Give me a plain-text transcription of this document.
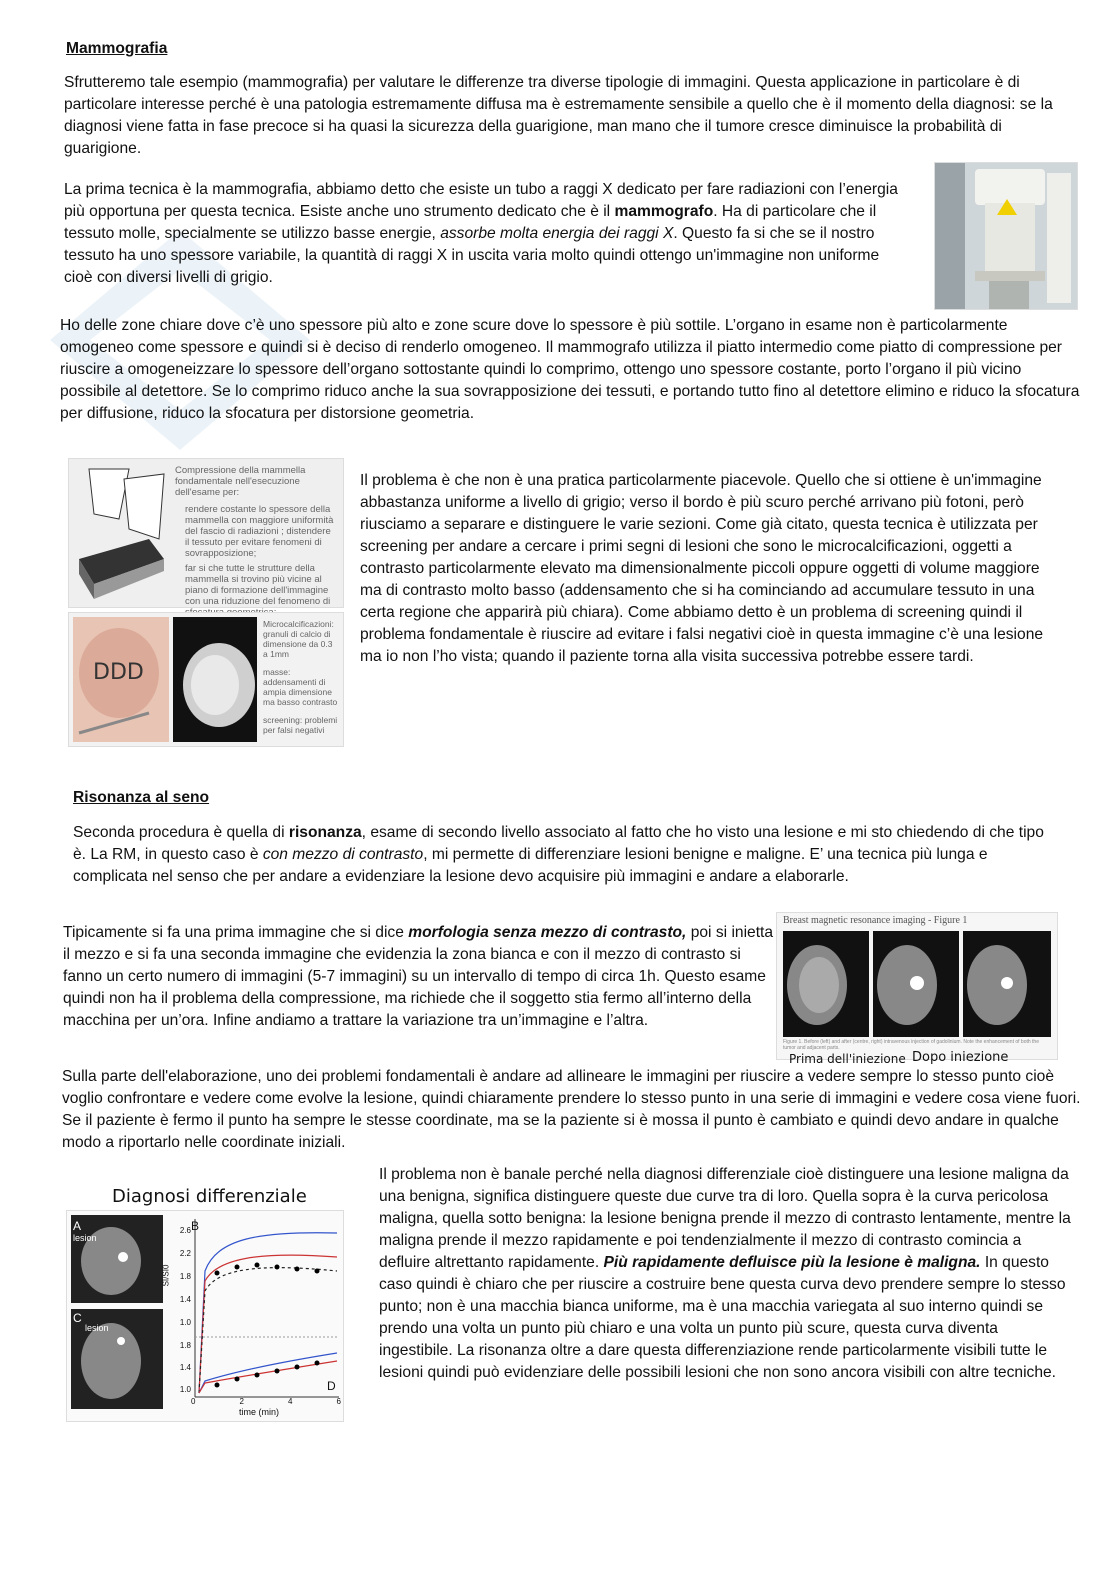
Mammografia

Sfrutteremo tale esempio (mammografia) per valutare le differenze tra diverse tipologie di immagini. Questa applicazione in particolare è di particolare interesse perché è una patologia estremamente diffusa ma è estremamente sensibile a quello che è il momento della diagnosi: se la diagnosi viene fatta in fase precoce si ha quasi la sicurezza della guarigione, man mano che il tumore cresce diminuisce la probabilità di guarigione.

La prima tecnica è la mammografia, abbiamo detto che esiste un tubo a raggi X dedicato per fare radiazioni con l’energia più opportuna per questa tecnica. Esiste anche uno strumento dedicato che è il mammografo. Ha di particolare che il tessuto molle, specialmente se utilizzo basse energie, assorbe molta energia dei raggi X. Questo fa si che se il nostro tessuto ha uno spessore variabile, la quantità di raggi X in uscita varia molto quindi ottengo un'immagine non uniforme cioè con diversi livelli di grigio.

Ho delle zone chiare dove c’è uno spessore più alto e zone scure dove lo spessore è più sottile. L’organo in esame non è particolarmente omogeneo come spessore e quindi si è deciso di renderlo omogeneo. Il mammografo utilizza il piatto intermedio come piatto di compressione per riuscire a omogeneizzare lo spessore dell’organo sottostante quindi lo comprimo, ottengo uno spessore costante, porto l’organo il più vicino possibile al detettore. Se lo comprimo riduco anche la sua sovrapposizione dei tessuti, e portando tutto fino al detettore elimino e riduco la sfocatura per diffusione, riduco la sfocatura per distorsione geometria.

Compressione della mammella fondamentale nell'esecuzione dell'esame per:
rendere costante lo spessore della mammella con maggiore uniformità del fascio di radiazioni ; distendere il tessuto per evitare fenomeni di sovrapposizione;
far si che tutte le strutture della mammella si trovino più vicine al piano di formazione dell'immagine con una riduzione del fenomeno di
DDD
Microcalcificazioni: granuli di calcio di dimensione da 0.3 a 1mm
masse: addensamenti di ampia dimensione ma basso contrasto
screening: problemi per falsi negativi

Il problema è che non è una pratica particolarmente piacevole. Quello che si ottiene è un'immagine abbastanza uniforme a livello di grigio; verso il bordo è più scuro perché arrivano più fotoni, però riusciamo a separare e distinguere le varie sezioni. Come già citato, questa tecnica è utilizzata per screening per andare a cercare i primi segni di lesioni che sono le microcalcificazioni, oggetti a contrasto particolarmente elevato ma dimensionalmente piccoli oppure oggetti di volume maggiore ma di contrasto molto basso (addensamento che si ha cominciando ad accumulare tessuto in una certa regione che apparirà più chiara). Come abbiamo detto è un problema di screening quindi il problema fondamentale è riuscire ad evitare i falsi negativi cioè in questa immagine c’è una lesione ma io non l’ho vista; quando il paziente torna alla visita successiva potrebbe essere tardi.

Risonanza al seno

Seconda procedura è quella di risonanza, esame di secondo livello associato al fatto che ho visto una lesione e mi sto chiedendo di che tipo è. La RM, in questo caso è con mezzo di contrasto, mi permette di differenziare lesioni benigne e maligne. E’ una tecnica più lunga e complicata nel senso che per andare a evidenziare la lesione devo acquisire più immagini e andare a elaborarle.

Tipicamente si fa una prima immagine che si dice morfologia senza mezzo di contrasto, poi si inietta il mezzo e si fa una seconda immagine che evidenzia la zona bianca e con il mezzo di contrasto si fanno un certo numero di immagini (5-7 immagini) su un intervallo di tempo di circa 1h. Questo esame quindi non ha il problema della compressione, ma richiede che il soggetto stia fermo all’interno della macchina per un’ora. Infine andiamo a trattare la variazione tra un’immagine e l’altra.

Breast magnetic resonance imaging - Figure 1
Figure 1. Before (left) and after (centre, right) intravenous injection of gadolinium. Note the enhancement of both the tumor and adjacent parts.
Prima dell'iniezione Dopo iniezione

Sulla parte dell'elaborazione, uno dei problemi fondamentali è andare ad allineare le immagini per riuscire a vedere sempre lo stesso punto cioè voglio confrontare e vedere come evolve la lesione, quindi chiaramente prendere lo stesso punto in una serie di immagini e vedere cosa viene fuori. Se il paziente è fermo il punto ha sempre le stesse coordinate, ma se la paziente si è mossa il punto è cambiato e quindi devo andare in qualche modo a riportarlo nelle coordinate iniziali.

Diagnosi differenziale
A
lesion
C
lesion
B
D
2.6
2.2
1.8
1.4
1.0
1.8
1.4
1.0
0	2	4	6
time (min)
SI/SI0

Il problema non è banale perché nella diagnosi differenziale cioè distinguere una lesione maligna da una benigna, significa distinguere queste due curve tra di loro. Quella sopra è la curva pericolosa maligna, quella sotto benigna: la lesione benigna prende il mezzo di contrasto lentamente, mentre la maligna prende il mezzo rapidamente e poi tendenzialmente il mezzo di contrasto comincia a defluire altrettanto rapidamente. Più rapidamente defluisce più la lesione è maligna. In questo caso quindi è chiaro che per riuscire a costruire bene questa curva devo prendere sempre lo stesso punto; non è una macchia bianca uniforme, ma è una macchia variegata al suo interno quindi se prendo una volta un punto più chiaro e una volta un punto più scure, questa curva diventa ingestibile. La risonanza oltre a dare questa differenziazione rende particolarmente visibili tutte le lesioni quindi può evidenziare delle possibili lesioni che non sono ancora visibili con altre tecniche.
